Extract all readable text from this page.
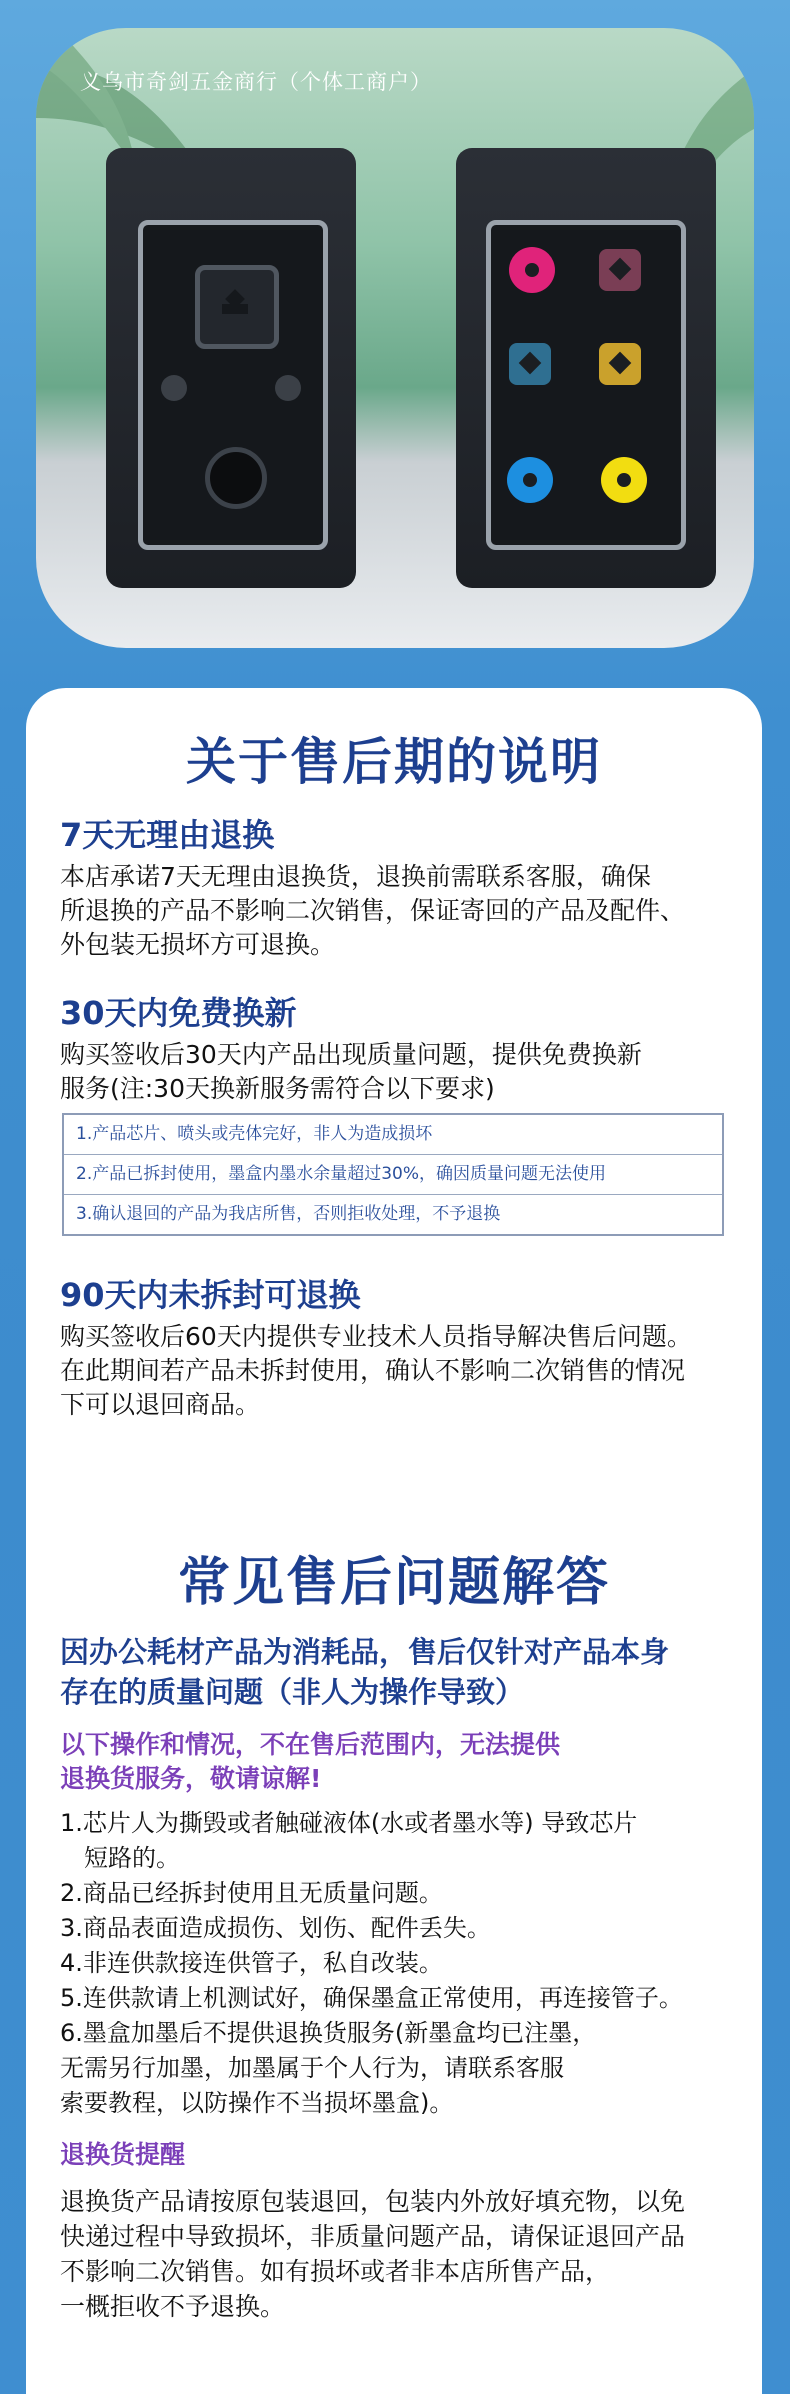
义乌市奇剑五金商行（个体工商户）
关于售后期的说明
7天无理由退换
本店承诺7天无理由退换货，退换前需联系客服，确保
所退换的产品不影响二次销售，保证寄回的产品及配件、
外包装无损坏方可退换。
30天内免费换新
购买签收后30天内产品出现质量问题，提供免费换新
服务(注:30天换新服务需符合以下要求)
1.产品芯片、喷头或壳体完好，非人为造成损坏
2.产品已拆封使用，墨盒内墨水余量超过30%，确因质量问题无法使用
3.确认退回的产品为我店所售，否则拒收处理，不予退换
90天内未拆封可退换
购买签收后60天内提供专业技术人员指导解决售后问题。
在此期间若产品未拆封使用，确认不影响二次销售的情况
下可以退回商品。
常见售后问题解答
因办公耗材产品为消耗品，售后仅针对产品本身
存在的质量问题（非人为操作导致）
以下操作和情况，不在售后范围内，无法提供
退换货服务，敬请谅解!
1.芯片人为撕毁或者触碰液体(水或者墨水等) 导致芯片
短路的。
2.商品已经拆封使用且无质量问题。
3.商品表面造成损伤、划伤、配件丢失。
4.非连供款接连供管子，私自改装。
5.连供款请上机测试好，确保墨盒正常使用，再连接管子。
6.墨盒加墨后不提供退换货服务(新墨盒均已注墨，
无需另行加墨，加墨属于个人行为，请联系客服
索要教程，以防操作不当损坏墨盒)。
退换货提醒
退换货产品请按原包装退回，包装内外放好填充物，以免
快递过程中导致损坏，非质量问题产品，请保证退回产品
不影响二次销售。如有损坏或者非本店所售产品，
一概拒收不予退换。
